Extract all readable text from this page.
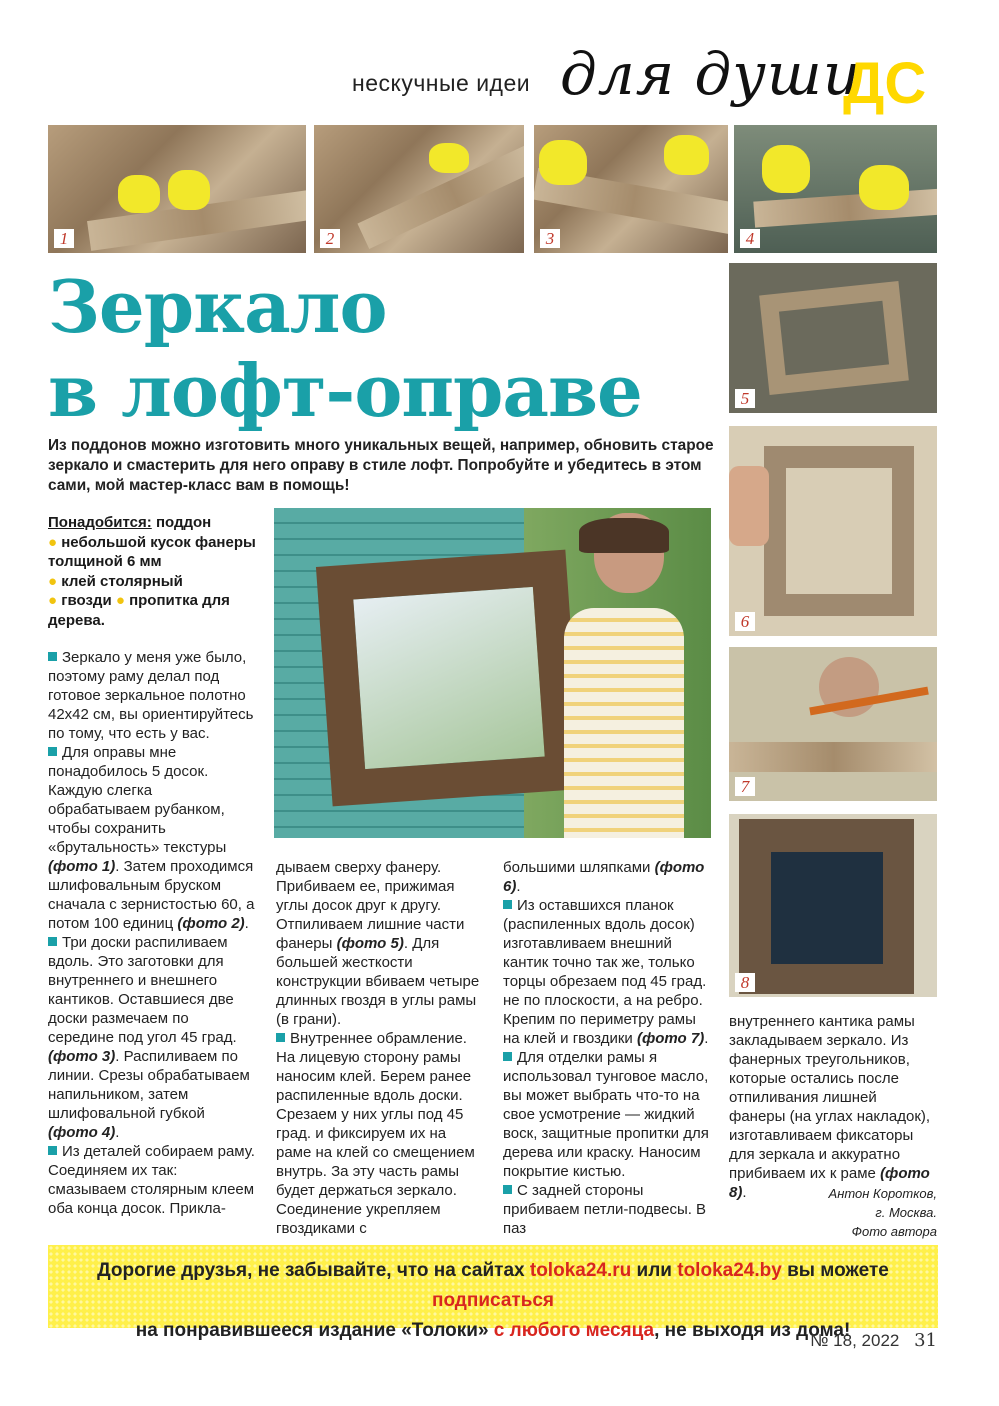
нескучные идеи для души
ДС
1	2	3	4
5
6
7
8
Зеркало
в лофт-оправе
Из поддонов можно изготовить много уникальных вещей, например, обновить старое зеркало и смастерить для него оправу в стиле лофт. Попробуйте и убедитесь в этом сами, мой мастер-класс вам в помощь!
Понадобится: поддон
● небольшой кусок фанеры толщиной 6 мм
● клей столярный
● гвозди ● пропитка для дерева.

Зеркало у меня уже было, поэтому раму делал под готовое зеркальное полотно 42х42 см, вы ориентируйтесь по тому, что есть у вас.

Для оправы мне понадобилось 5 досок. Каждую слегка обрабатываем рубанком, чтобы сохранить «брутальность» текстуры (фото 1). Затем проходимся шлифовальным бруском сначала с зернистостью 60, а потом 100 единиц (фото 2).

Три доски распиливаем вдоль. Это заготовки для внутреннего и внешнего кантиков. Оставшиеся две доски размечаем по середине под угол 45 град. (фото 3). Распиливаем по линии. Срезы обрабатываем напильником, затем шлифовальной губкой (фото 4).

Из деталей собираем раму. Соединяем их так: смазываем столярным клеем оба конца досок. Прикла-

дываем сверху фанеру. Прибиваем ее, прижимая углы досок друг к другу. Отпиливаем лишние части фанеры (фото 5). Для большей жесткости конструкции вбиваем четыре длинных гвоздя в углы рамы (в грани).

Внутреннее обрамление. На лицевую сторону рамы наносим клей. Берем ранее распиленные вдоль доски. Срезаем у них углы под 45 град. и фиксируем их на раме на клей со смещением внутрь. За эту часть рамы будет держаться зеркало. Соединение укрепляем гвоздиками с

большими шляпками (фото 6).

Из оставшихся планок (распиленных вдоль досок) изготавливаем внешний кантик точно так же, только торцы обрезаем под 45 град. не по плоскости, а на ребро. Крепим по периметру рамы на клей и гвоздики (фото 7).

Для отделки рамы я использовал тунговое масло, вы может выбрать что-то на свое усмотрение — жидкий воск, защитные пропитки для дерева или краску. Наносим покрытие кистью.

С задней стороны прибиваем петли-подвесы. В паз

внутреннего кантика рамы закладываем зеркало. Из фанерных треугольников, которые остались после отпиливания лишней фанеры (на углах накладок), изготавливаем фиксаторы для зеркала и аккуратно прибиваем их к раме (фото 8).	Антон Коротков,
г. Москва.
Фото автора
Дорогие друзья, не забывайте, что на сайтах toloka24.ru или toloka24.by вы можете подписаться
на понравившееся издание «Толоки» с любого месяца, не выходя из дома!
№ 18, 2022 31
